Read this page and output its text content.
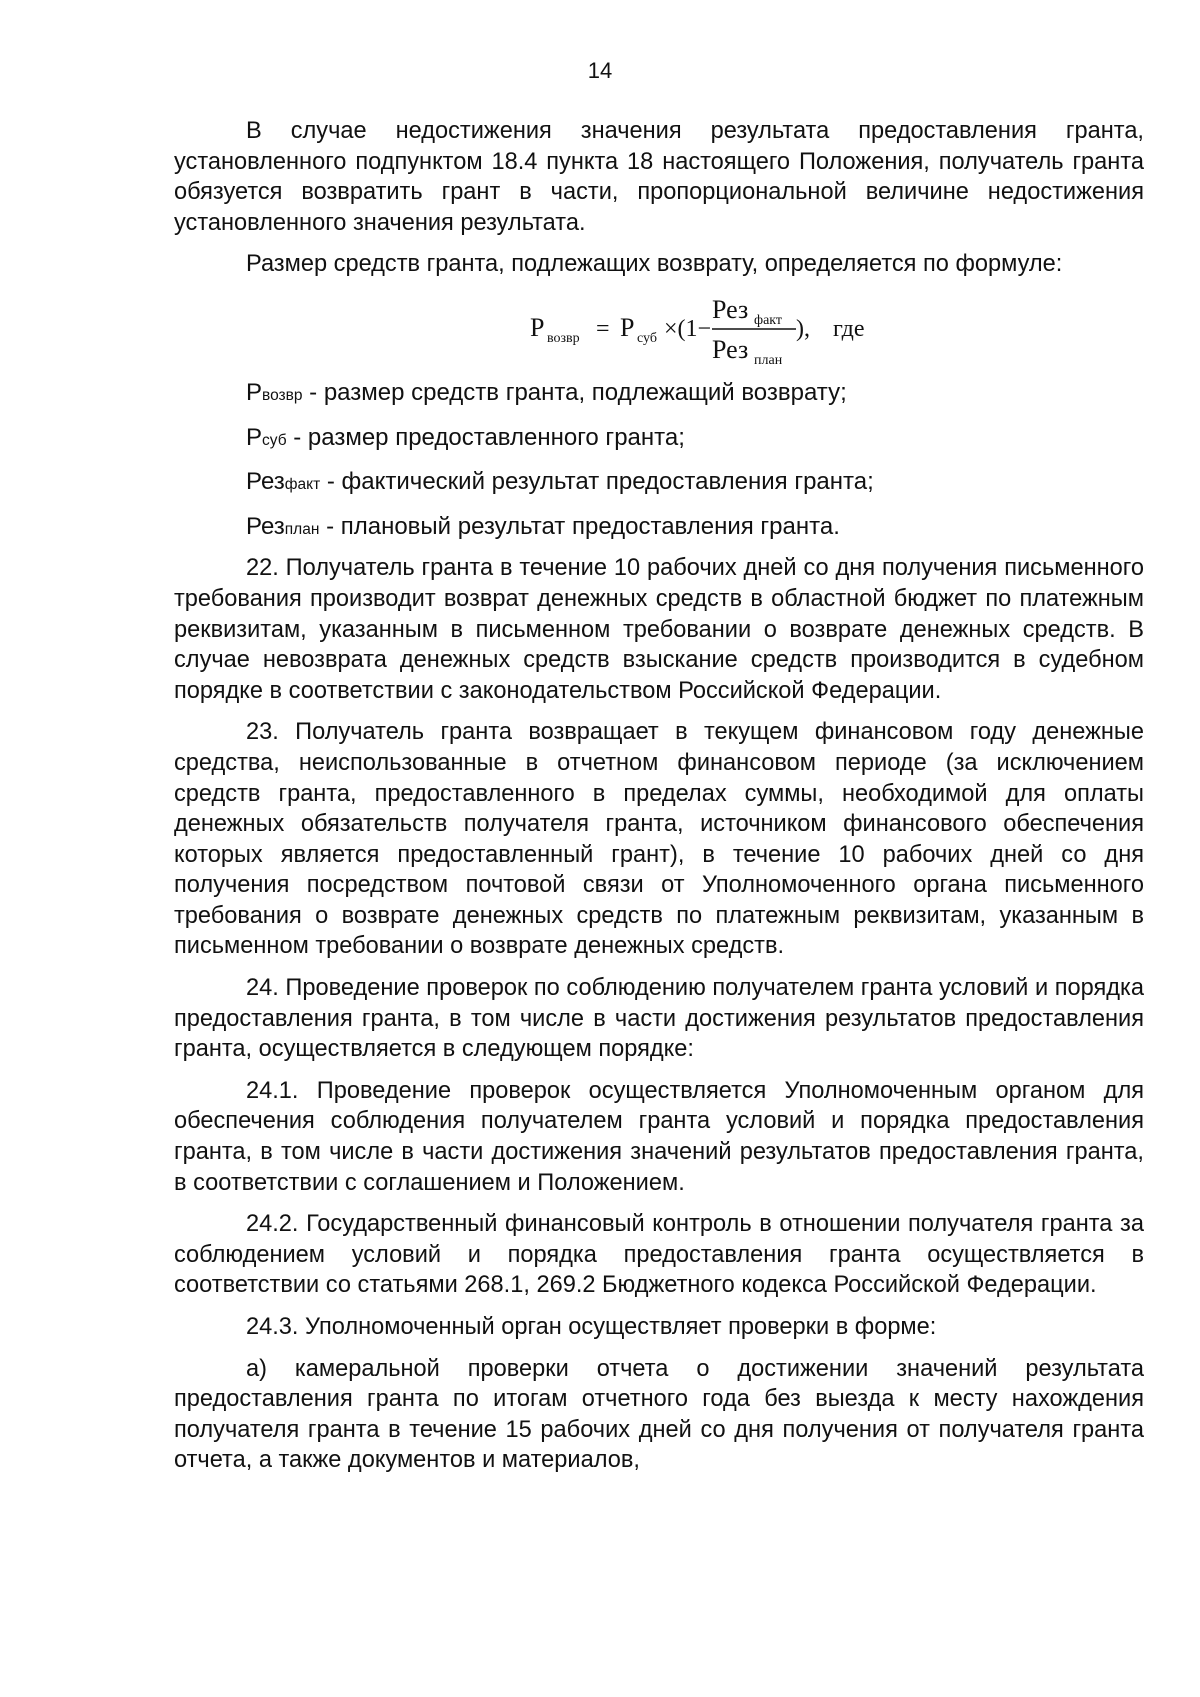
14

В случае недостижения значения результата предоставления гранта, установленного подпунктом 18.4 пункта 18 настоящего Положения, получатель гранта обязуется возвратить грант в части, пропорциональной величине недостижения установленного значения результата.

Размер средств гранта, подлежащих возврату, определяется по формуле:

P возвр = P суб ×(1−
Рез факт
Рез план
), где

Рвозвр - размер средств гранта, подлежащий возврату;

Рсуб - размер предоставленного гранта;

Резфакт - фактический результат предоставления гранта;

Резплан - плановый результат предоставления гранта.

22. Получатель гранта в течение 10 рабочих дней со дня получения письменного требования производит возврат денежных средств в областной бюджет по платежным реквизитам, указанным в письменном требовании о возврате денежных средств. В случае невозврата денежных средств взыскание средств производится в судебном порядке в соответствии с законодательством Российской Федерации.

23. Получатель гранта возвращает в текущем финансовом году денежные средства, неиспользованные в отчетном финансовом периоде (за исключением средств гранта, предоставленного в пределах суммы, необходимой для оплаты денежных обязательств получателя гранта, источником финансового обеспечения которых является предоставленный грант), в течение 10 рабочих дней со дня получения посредством почтовой связи от Уполномоченного органа письменного требования о возврате денежных средств по платежным реквизитам, указанным в письменном требовании о возврате денежных средств.

24. Проведение проверок по соблюдению получателем гранта условий и порядка предоставления гранта, в том числе в части достижения результатов предоставления гранта, осуществляется в следующем порядке:

24.1. Проведение проверок осуществляется Уполномоченным органом для обеспечения соблюдения получателем гранта условий и порядка предоставления гранта, в том числе в части достижения значений результатов предоставления гранта, в соответствии с соглашением и Положением.

24.2. Государственный финансовый контроль в отношении получателя гранта за соблюдением условий и порядка предоставления гранта осуществляется в соответствии со статьями 268.1, 269.2 Бюджетного кодекса Российской Федерации.

24.3. Уполномоченный орган осуществляет проверки в форме:

а) камеральной проверки отчета о достижении значений результата предоставления гранта по итогам отчетного года без выезда к месту нахождения получателя гранта в течение 15 рабочих дней со дня получения от получателя гранта отчета, а также документов и материалов,
